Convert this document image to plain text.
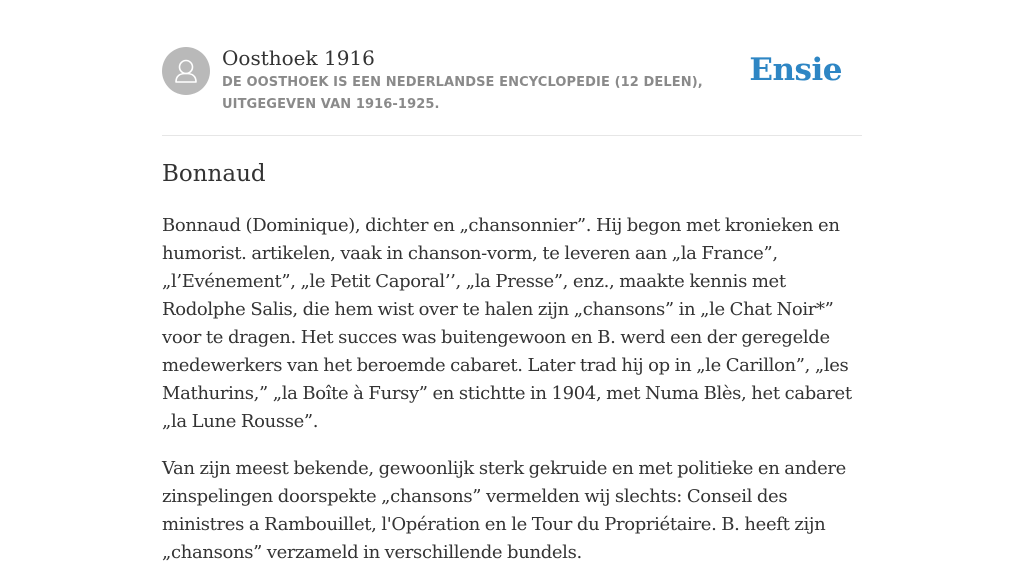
Oosthoek 1916
DE OOSTHOEK IS EEN NEDERLANDSE ENCYCLOPEDIE (12 DELEN), UITGEGEVEN VAN 1916-1925.
Ensie
Bonnaud

Bonnaud (Dominique), dichter en „chansonnier”. Hij begon met kronieken en humorist. artikelen, vaak in chanson-vorm, te leveren aan „la France”, „l’Evénement”, „le Petit Caporal’’, „la Presse”, enz., maakte kennis met Rodolphe Salis, die hem wist over te halen zijn „chansons” in „le Chat Noir*” voor te dragen. Het succes was buitengewoon en B. werd een der geregelde medewerkers van het beroemde cabaret. Later trad hij op in „le Carillon”, „les Mathurins,” „la Boîte à Fursy” en stichtte in 1904, met Numa Blès, het cabaret „la Lune Rousse”.

Van zijn meest bekende, gewoonlijk sterk gekruide en met politieke en andere zinspelingen doorspekte „chansons” vermelden wij slechts: Conseil des ministres a Rambouillet, l'Opération en le Tour du Propriétaire. B. heeft zijn „chansons” verzameld in verschillende bundels.
